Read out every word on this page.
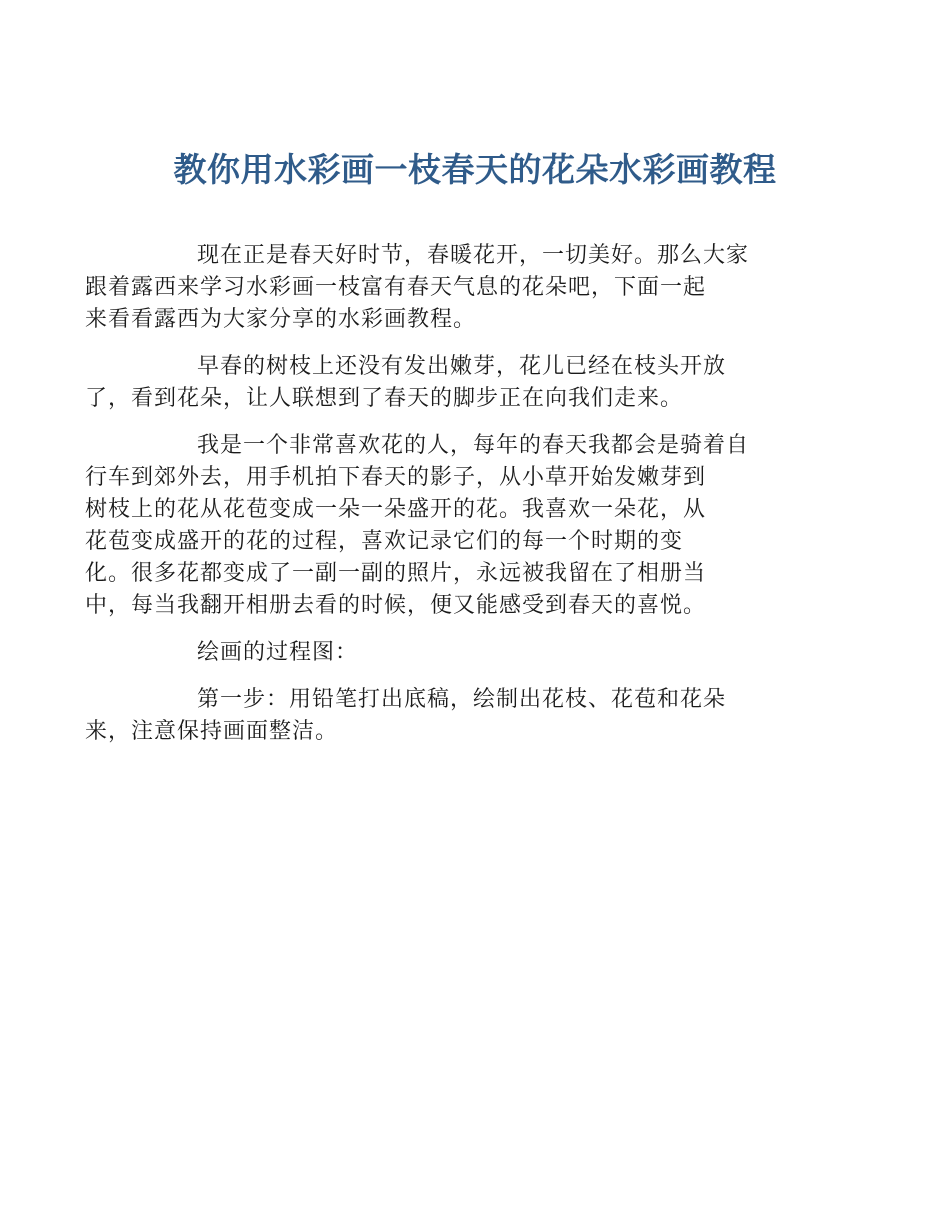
教你用水彩画一枝春天的花朵水彩画教程

现在正是春天好时节，春暖花开，一切美好。那么大家
跟着露西来学习水彩画一枝富有春天气息的花朵吧，下面一起
来看看露西为大家分享的水彩画教程。

早春的树枝上还没有发出嫩芽，花儿已经在枝头开放
了，看到花朵，让人联想到了春天的脚步正在向我们走来。

我是一个非常喜欢花的人，每年的春天我都会是骑着自
行车到郊外去，用手机拍下春天的影子，从小草开始发嫩芽到
树枝上的花从花苞变成一朵一朵盛开的花。我喜欢一朵花，从
花苞变成盛开的花的过程，喜欢记录它们的每一个时期的变
化。很多花都变成了一副一副的照片，永远被我留在了相册当
中，每当我翻开相册去看的时候，便又能感受到春天的喜悦。

绘画的过程图：

第一步：用铅笔打出底稿，绘制出花枝、花苞和花朵
来，注意保持画面整洁。
